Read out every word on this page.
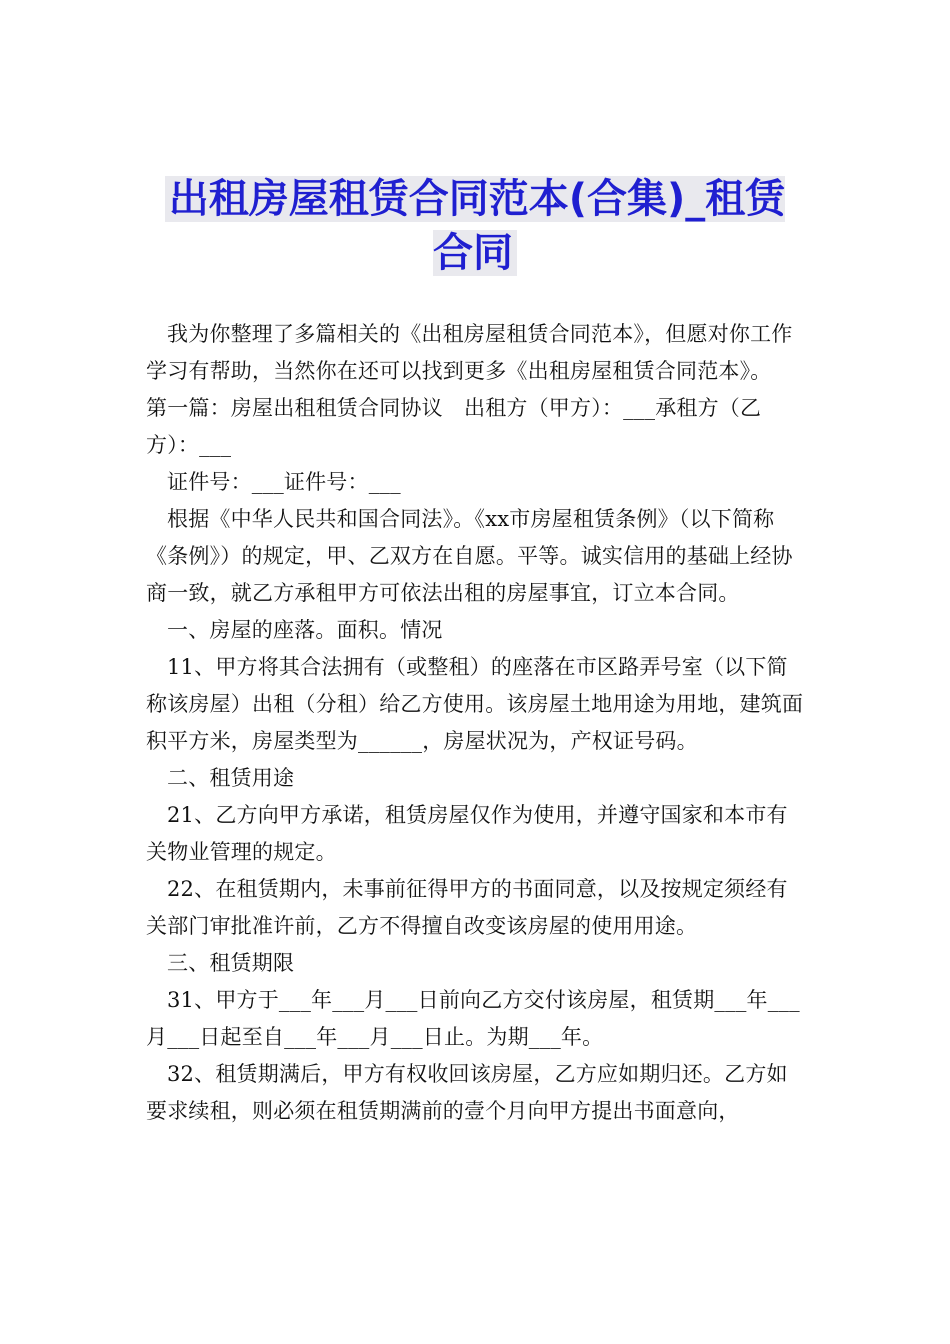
出租房屋租赁合同范本(合集)_租赁合同

我为你整理了多篇相关的《出租房屋租赁合同范本》，但愿对你工作学习有帮助，当然你在还可以找到更多《出租房屋租赁合同范本》。

第一篇：房屋出租租赁合同协议　出租方（甲方）：___承租方（乙方）：___

证件号：___证件号：___

根据《中华人民共和国合同法》。《xx市房屋租赁条例》（以下简称《条例》）的规定，甲、乙双方在自愿。平等。诚实信用的基础上经协商一致，就乙方承租甲方可依法出租的房屋事宜，订立本合同。

一、房屋的座落。面积。情况

11、甲方将其合法拥有（或整租）的座落在市区路弄号室（以下简称该房屋）出租（分租）给乙方使用。该房屋土地用途为用地，建筑面积平方米，房屋类型为______，房屋状况为，产权证号码。

二、租赁用途

21、乙方向甲方承诺，租赁房屋仅作为使用，并遵守国家和本市有关物业管理的规定。

22、在租赁期内，未事前征得甲方的书面同意，以及按规定须经有关部门审批准许前，乙方不得擅自改变该房屋的使用用途。

三、租赁期限

31、甲方于___年___月___日前向乙方交付该房屋，租赁期___年___月___日起至自___年___月___日止。为期___年。

32、租赁期满后，甲方有权收回该房屋，乙方应如期归还。乙方如要求续租，则必须在租赁期满前的壹个月向甲方提出书面意向，
